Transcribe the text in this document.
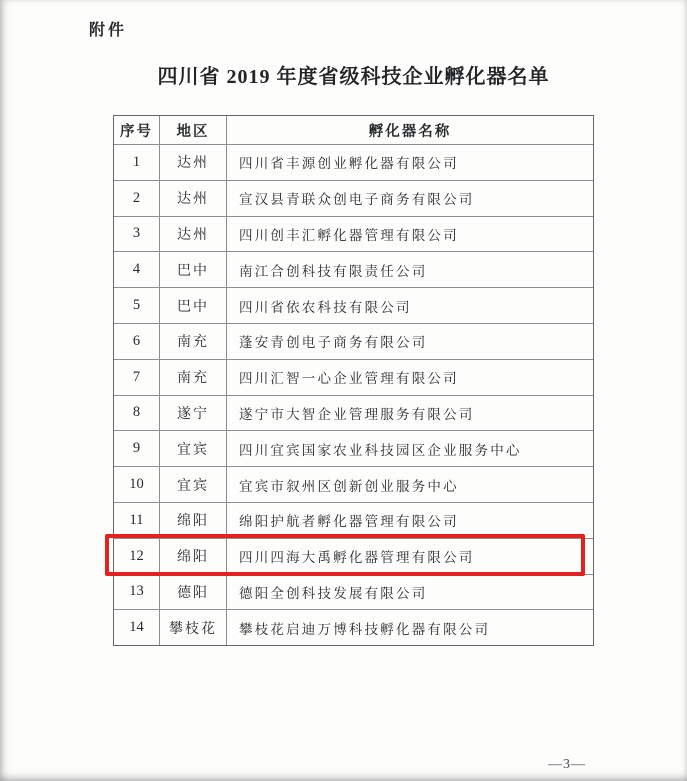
附件
四川省 2019 年度省级科技企业孵化器名单
序号	地区	孵化器名称
1	达州	四川省丰源创业孵化器有限公司
2	达州	宣汉县青联众创电子商务有限公司
3	达州	四川创丰汇孵化器管理有限公司
4	巴中	南江合创科技有限责任公司
5	巴中	四川省依农科技有限公司
6	南充	蓬安青创电子商务有限公司
7	南充	四川汇智一心企业管理有限公司
8	遂宁	遂宁市大智企业管理服务有限公司
9	宜宾	四川宜宾国家农业科技园区企业服务中心
10	宜宾	宜宾市叙州区创新创业服务中心
11	绵阳	绵阳护航者孵化器管理有限公司
12	绵阳	四川四海大禹孵化器管理有限公司
13	德阳	德阳全创科技发展有限公司
14	攀枝花	攀枝花启迪万博科技孵化器有限公司
—3—
